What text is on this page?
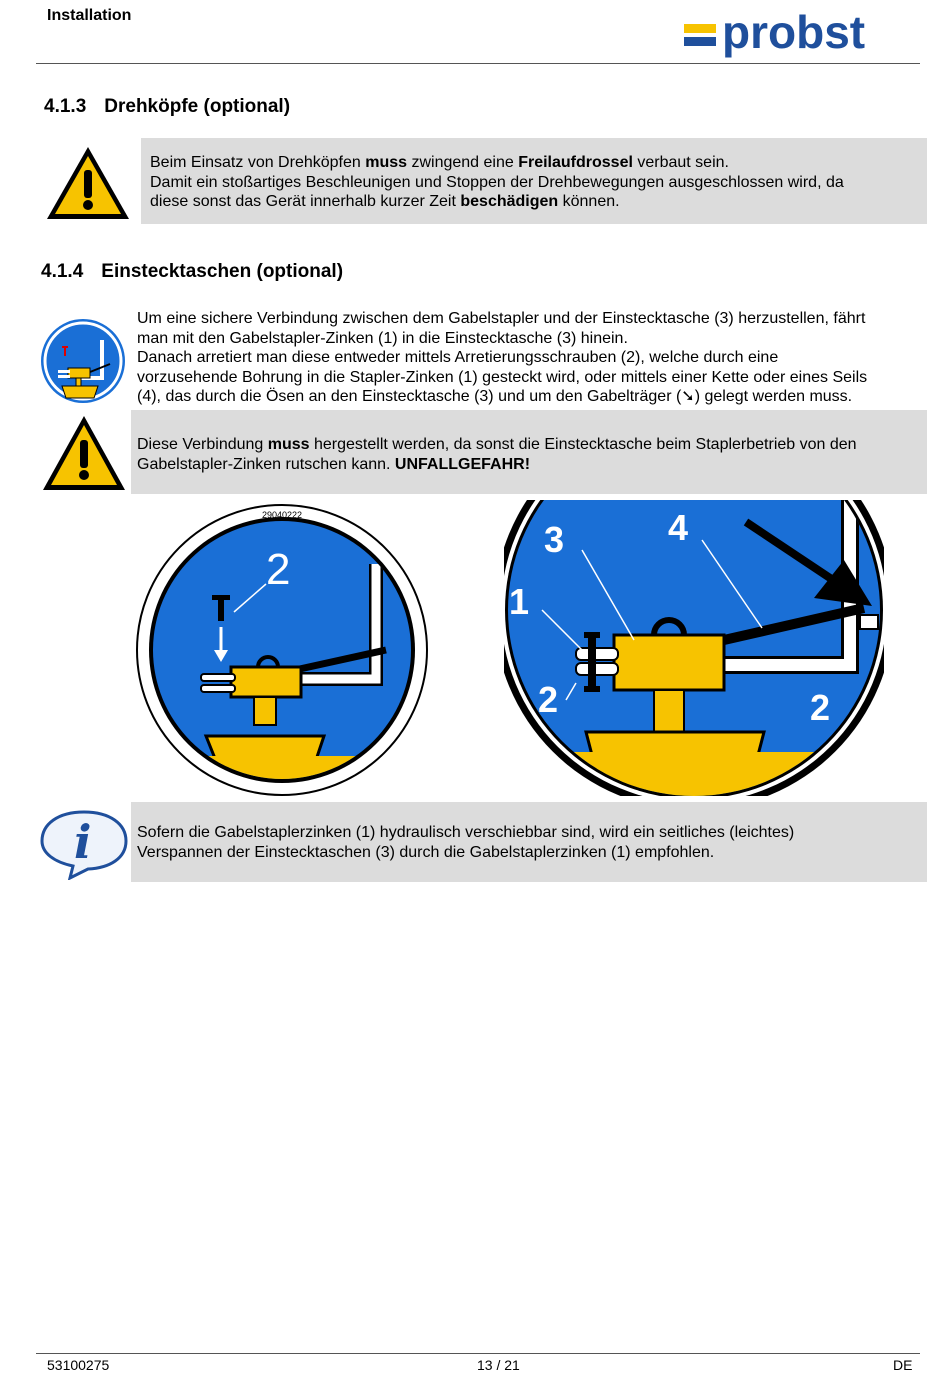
Installation	probst
4.1.3 Drehköpfe (optional)

Beim Einsatz von Drehköpfen muss zwingend eine Freilaufdrossel verbaut sein.

Damit ein stoßartiges Beschleunigen und Stoppen der Drehbewegungen ausgeschlossen wird, da

diese sonst das Gerät innerhalb kurzer Zeit beschädigen können.

4.1.4 Einstecktaschen (optional)

Um eine sichere Verbindung zwischen dem Gabelstapler und der Einstecktasche (3) herzustellen, fährt

man mit den Gabelstapler-Zinken (1) in die Einstecktasche (3) hinein.

Danach arretiert man diese entweder mittels Arretierungsschrauben (2), welche durch eine

vorzusehende Bohrung in die Stapler-Zinken (1) gesteckt wird, oder mittels einer Kette oder eines Seils

(4), das durch die Ösen an den Einstecktasche (3) und um den Gabelträger (➘) gelegt werden muss.

Diese Verbindung muss hergestellt werden, da sonst die Einstecktasche beim Staplerbetrieb von den

Gabelstapler-Zinken rutschen kann. UNFALLGEFAHR!

29040222
2
3	4
1
2	2
i	Sofern die Gabelstaplerzinken (1) hydraulisch verschiebbar sind, wird ein seitliches (leichtes)

Verspannen der Einstecktaschen (3) durch die Gabelstaplerzinken (1) empfohlen.

53100275	13 / 21	DE
